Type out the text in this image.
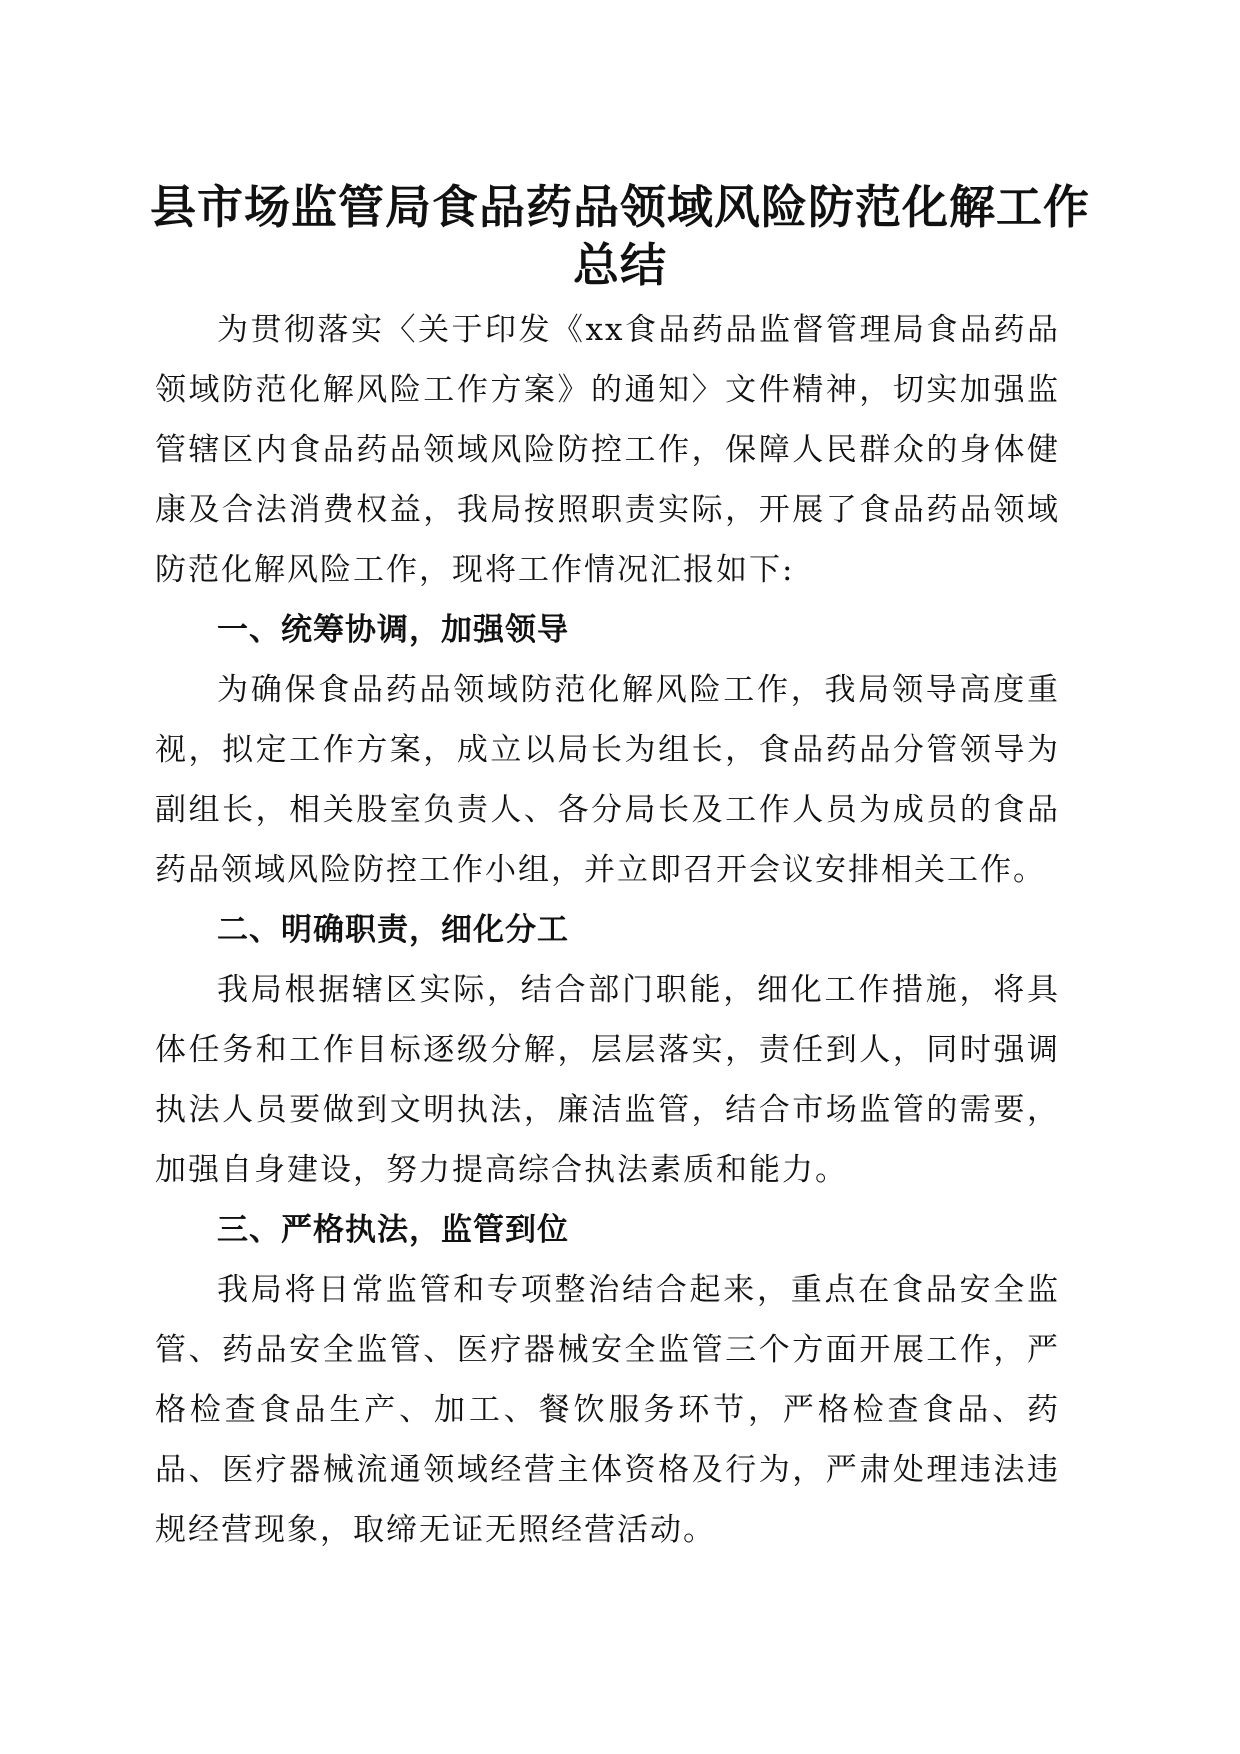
县市场监管局食品药品领域风险防范化解工作
总结

为贯彻落实〈关于印发《xx食品药品监督管理局食品药品领域防范化解风险工作方案》的通知〉文件精神，切实加强监管辖区内食品药品领域风险防控工作，保障人民群众的身体健康及合法消费权益，我局按照职责实际，开展了食品药品领域防范化解风险工作，现将工作情况汇报如下:

一、统筹协调，加强领导

为确保食品药品领域防范化解风险工作，我局领导高度重视，拟定工作方案，成立以局长为组长，食品药品分管领导为副组长，相关股室负责人、各分局长及工作人员为成员的食品药品领域风险防控工作小组，并立即召开会议安排相关工作。

二、明确职责，细化分工

我局根据辖区实际，结合部门职能，细化工作措施，将具体任务和工作目标逐级分解，层层落实，责任到人，同时强调执法人员要做到文明执法，廉洁监管，结合市场监管的需要，加强自身建设，努力提高综合执法素质和能力。

三、严格执法，监管到位

我局将日常监管和专项整治结合起来，重点在食品安全监管、药品安全监管、医疗器械安全监管三个方面开展工作，严格检查食品生产、加工、餐饮服务环节，严格检查食品、药品、医疗器械流通领域经营主体资格及行为，严肃处理违法违规经营现象，取缔无证无照经营活动。
